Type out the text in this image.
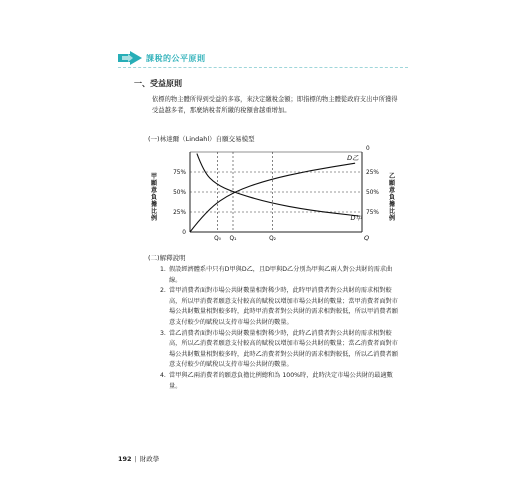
課稅的公平原則
一、受益原則
依標的物主體所得到受益的多寡，來決定繳稅金額；即指標的物主體從政府支出中所獲得受益越多者，那麼納稅者所繳的稅額會越重增加。
(一)林達爾（Lindahl）自願交易模型
D乙
D甲
75%
50%
25%
0
0
25%
50%
75%
Q₀ Q₁	Q₂	Q
甲
願
意
負
擔
比
例
乙
願
意
負
擔
比
例
(二)解釋說明
1. 假設經濟體系中只有D甲與D乙，且D甲與D乙分別為甲與乙兩人對公共財的需求曲線。
2. 當甲消費者面對市場公共財數量相對稀少時，此時甲消費者對公共財的需求相對較高，所以甲消費者願意支付較高的賦稅以增加市場公共財的數量；當甲消費者面對市場公共財數量相對較多時，此時甲消費者對公共財的需求相對較低，所以甲消費者願意支付較少的賦稅以支持市場公共財的數量。
3. 當乙消費者面對市場公共財數量相對稀少時，此時乙消費者對公共財的需求相對較高，所以乙消費者願意支付較高的賦稅以增加市場公共財的數量；當乙消費者面對市場公共財數量相對較多時，此時乙消費者對公共財的需求相對較低，所以乙消費者願意支付較少的賦稅以支持市場公共財的數量。
4. 當甲與乙兩消費者的願意負擔比例總和為 100%時，此時決定市場公共財的最適數量。
192 | 財政學
